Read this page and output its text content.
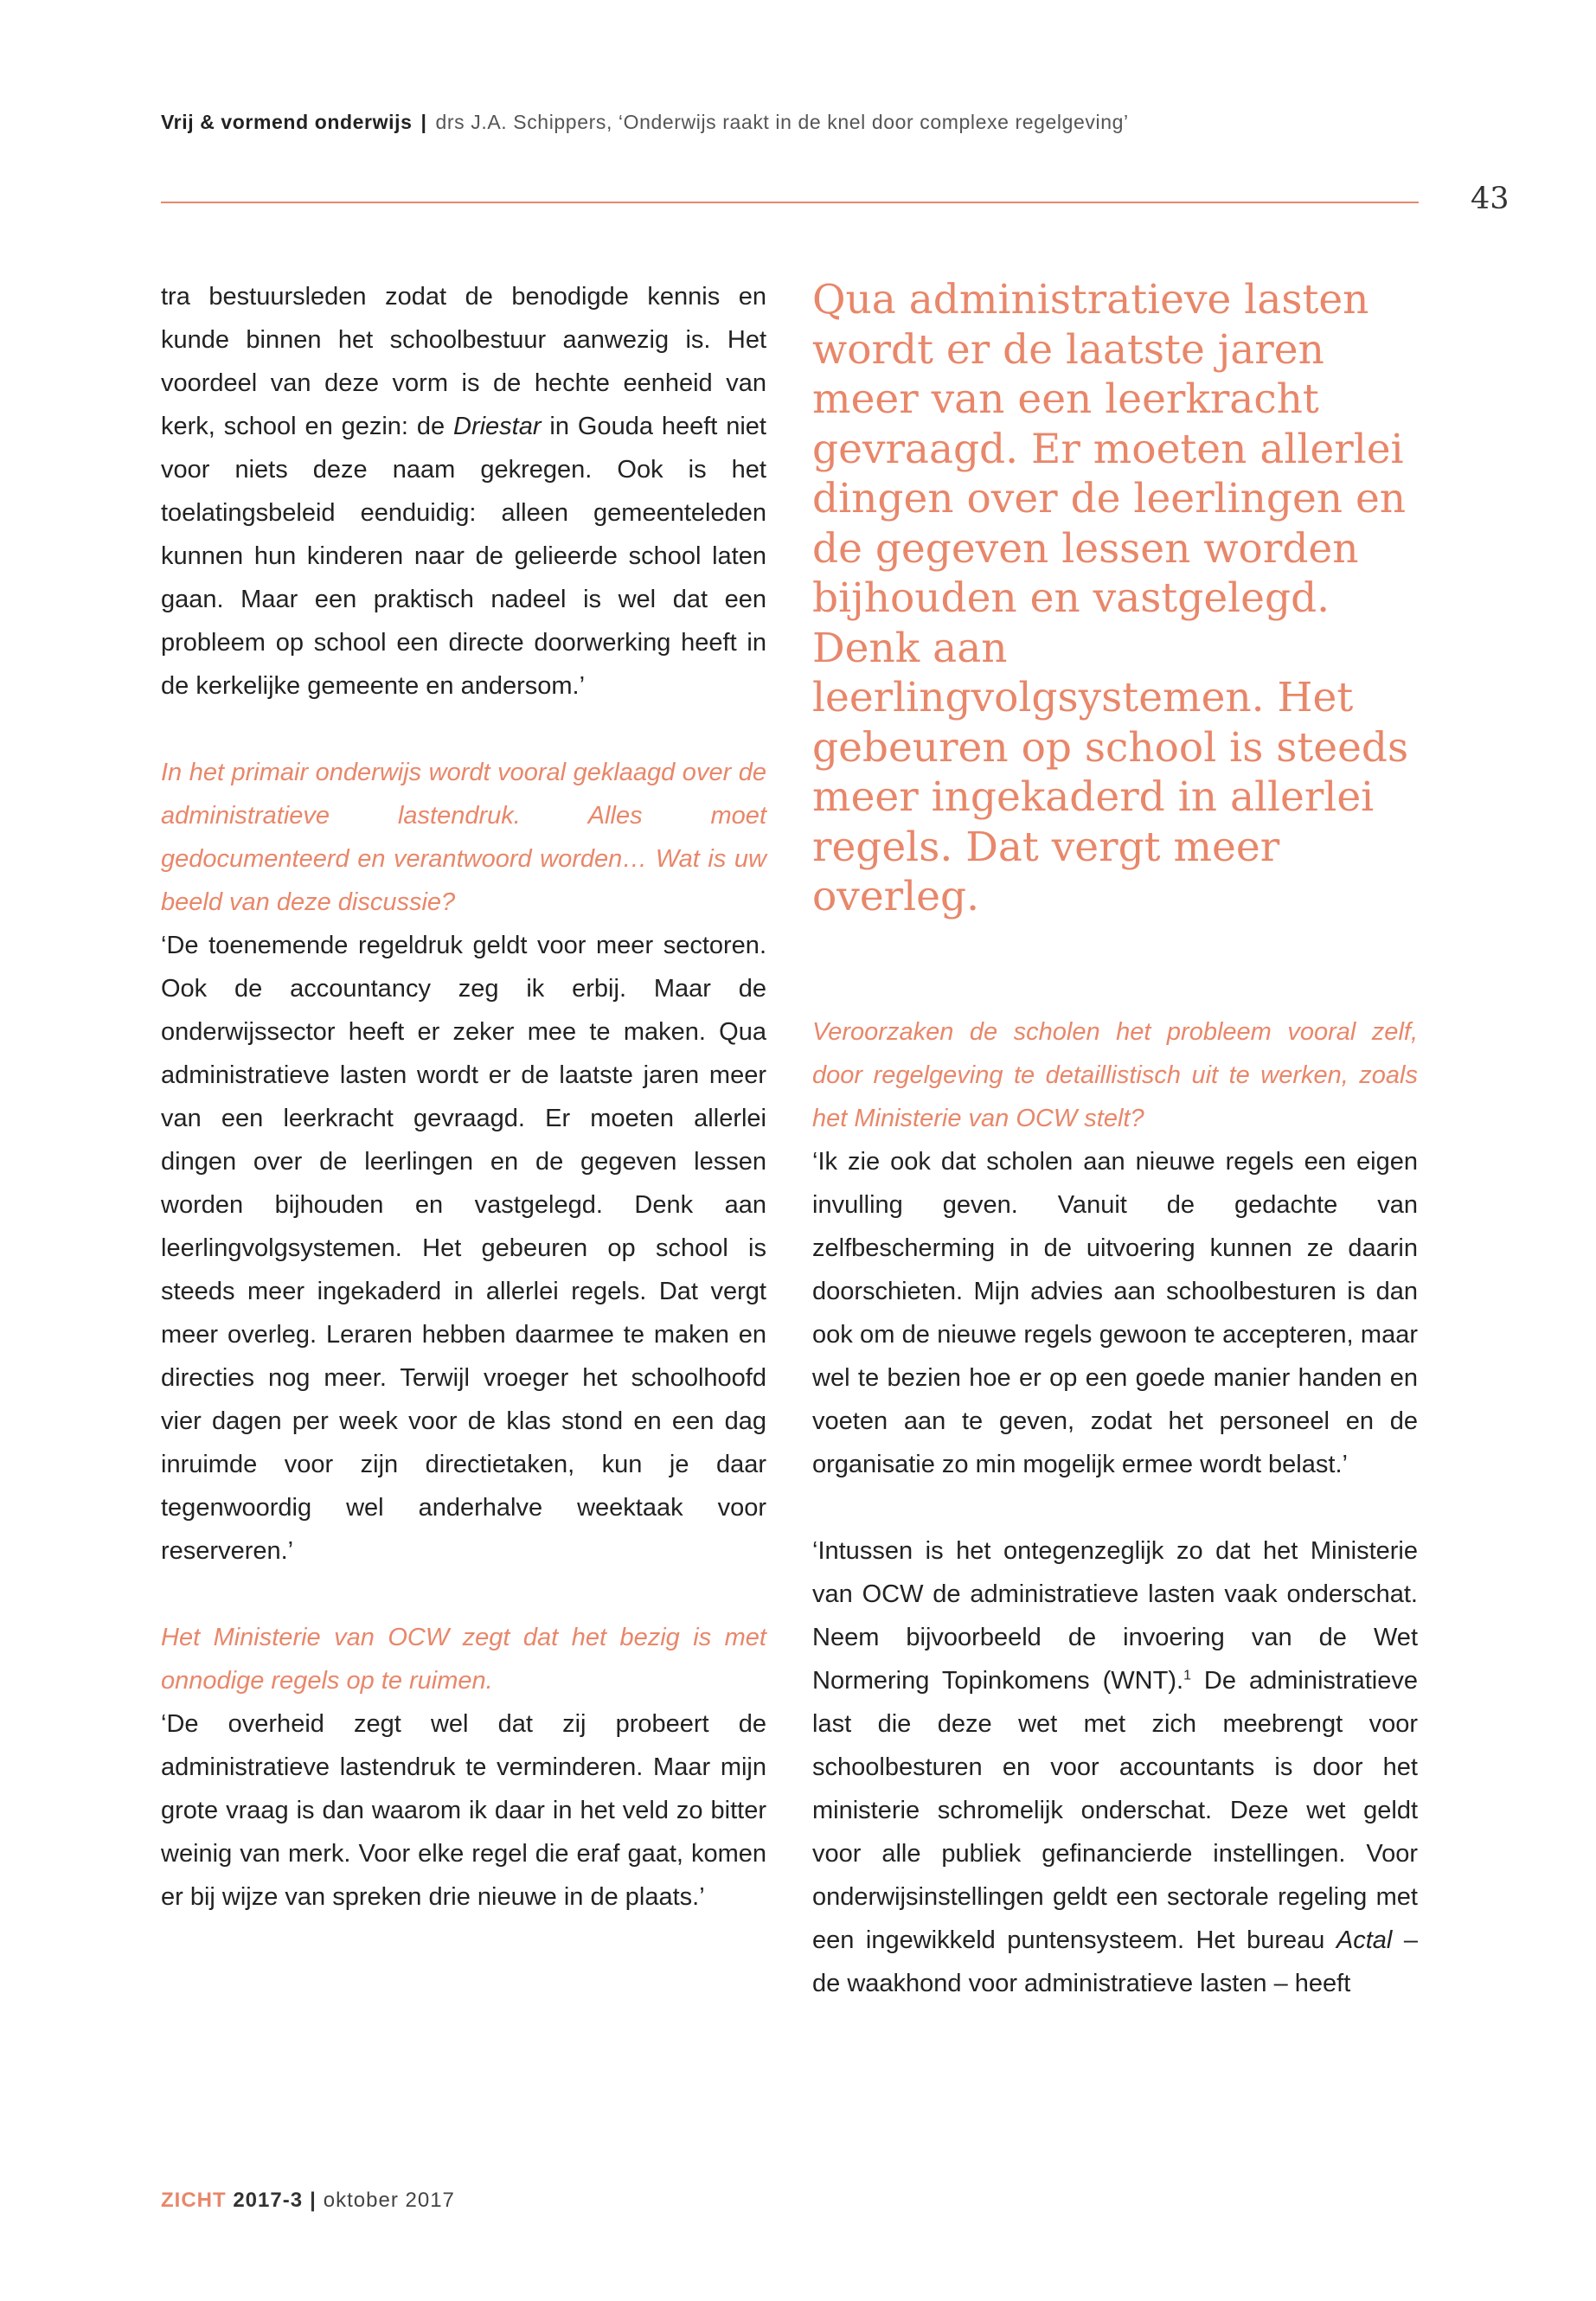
Vrij & vormend onderwijs | drs J.A. Schippers, ‘Onderwijs raakt in de knel door complexe regelgeving’
43

tra bestuursleden zodat de benodigde kennis en kunde binnen het schoolbestuur aanwezig is. Het voordeel van deze vorm is de hechte eenheid van kerk, school en gezin: de Driestar in Gouda heeft niet voor niets deze naam gekregen. Ook is het toelatingsbeleid eenduidig: alleen gemeenteleden kunnen hun kinderen naar de gelieerde school laten gaan. Maar een praktisch nadeel is wel dat een probleem op school een directe doorwerking heeft in de kerkelijke gemeente en andersom.’

In het primair onderwijs wordt vooral geklaagd over de administratieve lastendruk. Alles moet gedocumenteerd en verantwoord worden… Wat is uw beeld van deze discussie?

‘De toenemende regeldruk geldt voor meer sectoren. Ook de accountancy zeg ik erbij. Maar de onderwijssector heeft er zeker mee te maken. Qua administratieve lasten wordt er de laatste jaren meer van een leerkracht gevraagd. Er moeten allerlei dingen over de leerlingen en de gegeven lessen worden bijhouden en vastgelegd. Denk aan leerlingvolgsystemen. Het gebeuren op school is steeds meer ingekaderd in allerlei regels. Dat vergt meer overleg. Leraren hebben daarmee te maken en directies nog meer. Terwijl vroeger het schoolhoofd vier dagen per week voor de klas stond en een dag inruimde voor zijn directietaken, kun je daar tegenwoordig wel anderhalve weektaak voor reserveren.’

Het Ministerie van OCW zegt dat het bezig is met onnodige regels op te ruimen.

‘De overheid zegt wel dat zij probeert de administratieve lastendruk te verminderen. Maar mijn grote vraag is dan waarom ik daar in het veld zo bitter weinig van merk. Voor elke regel die eraf gaat, komen er bij wijze van spreken drie nieuwe in de plaats.’

Qua administratieve lasten wordt er de laatste jaren meer van een leerkracht gevraagd. Er moeten allerlei dingen over de leerlingen en de gegeven lessen worden bijhouden en vastgelegd. Denk aan leerlingvolgsystemen. Het gebeuren op school is steeds meer ingekaderd in allerlei regels. Dat vergt meer overleg.

Veroorzaken de scholen het probleem vooral zelf, door regelgeving te detaillistisch uit te werken, zoals het Ministerie van OCW stelt?

‘Ik zie ook dat scholen aan nieuwe regels een eigen invulling geven. Vanuit de gedachte van zelfbescherming in de uitvoering kunnen ze daarin doorschieten. Mijn advies aan schoolbesturen is dan ook om de nieuwe regels gewoon te accepteren, maar wel te bezien hoe er op een goede manier handen en voeten aan te geven, zodat het personeel en de organisatie zo min mogelijk ermee wordt belast.’

‘Intussen is het ontegenzeglijk zo dat het Ministerie van OCW de administratieve lasten vaak onderschat. Neem bijvoorbeeld de invoering van de Wet Normering Topinkomens (WNT).$^1$ De administratieve last die deze wet met zich meebrengt voor schoolbesturen en voor accountants is door het ministerie schromelijk onderschat. Deze wet geldt voor alle publiek gefinancierde instellingen. Voor onderwijsinstellingen geldt een sectorale regeling met een ingewikkeld puntensysteem. Het bureau Actal – de waakhond voor administratieve lasten – heeft

ZICHT 2017-3 | oktober 2017
